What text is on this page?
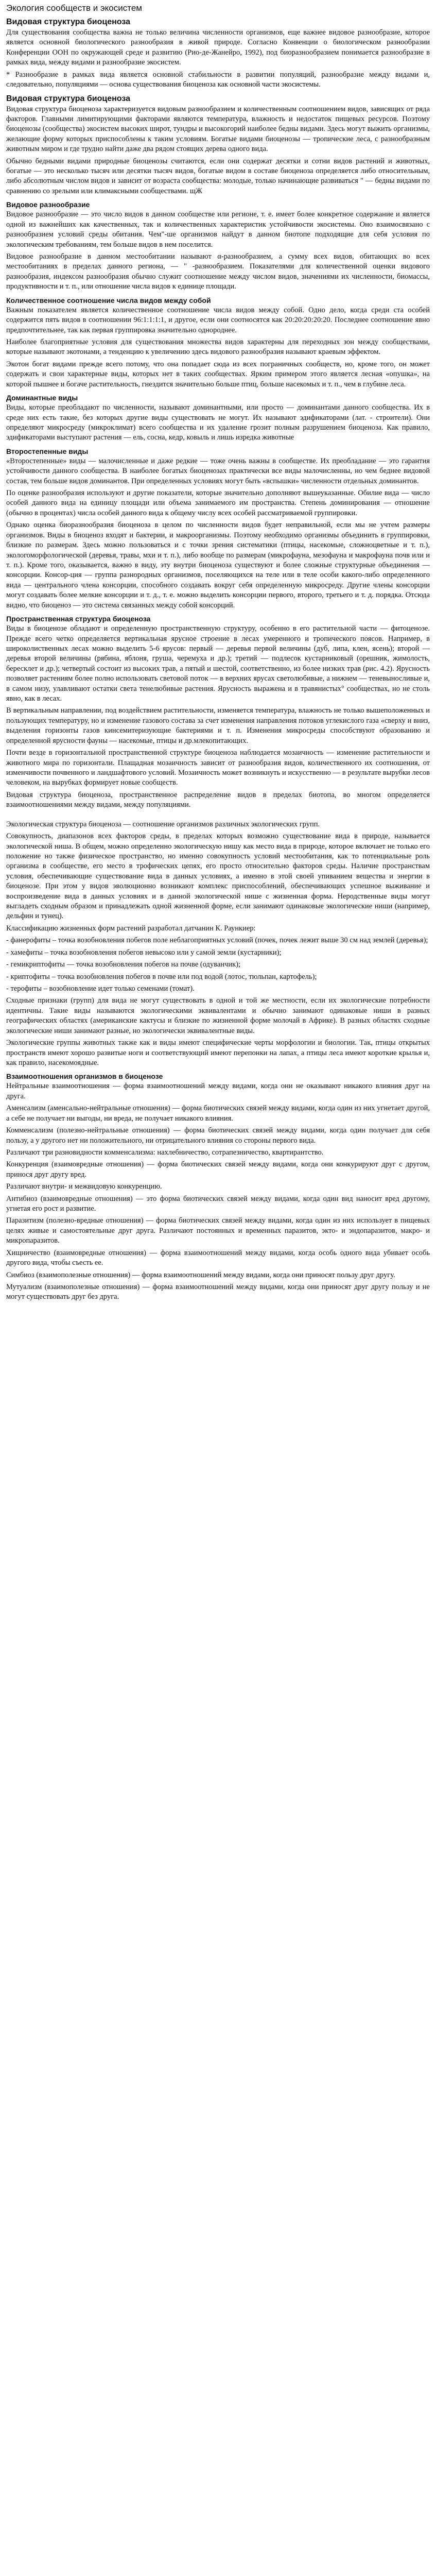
Экология сообществ и экосистем
Видовая структура биоценоза

Для существования сообщества важна не только величина численности организмов, еще важнее видовое разнообразие, которое является основной биологического разнообразия в живой природе. Согласно Конвенции о биологическом разнообразии Конференции ООН по окружающей среде и развитию (Рио-де-Жанейро, 1992), под биоразнообразием понимается разнообразие в рамках вида, между видами и разнообразие экосистем.

* Разнообразие в рамках вида является основной стабильности в развитии популяций, разнообразие между видами и, следовательно, популяциями — основа существования биоценоза как основной части экосистемы.

Видовая структура биоценоза

Видовая структура биоценоза характеризуется видовым разнообразием и количественным соотношением видов, зависящих от ряда факторов. Главными лимитирующими факторами являются температура, влажность и недостаток пищевых ресурсов. Поэтому биоценозы (сообщества) экосистем высоких широт, тундры и высокогорий наиболее бедны видами. Здесь могут выжить организмы, желающие форму которых приспособлены к таким условиям. Богатые видами биоценозы — тропические леса, с разнообразным животным миром и где трудно найти даже два рядом стоящих дерева одного вида.

Обычно бедными видами природные биоценозы считаются, если они содержат десятки и сотни видов растений и животных, богатые — это несколько тысяч или десятки тысяч видов, богатые видом в составе биоценоза определяется либо относительным, либо абсолютным числом видов и зависит от возраста сообщества: молодые, только начинающие развиваться " — бедны видами по сравнению со зрелыми или климаксными сообществами. щЖ

Видовое разнообразие

Видовое разнообразие — это число видов в данном сообществе или регионе, т. е. имеет более конкретное содержание и является одной из важнейших как качественных, так и количественных характеристик устойчивости экосистемы. Оно взаимосвязано с разнообразием условий среды обитания. Чем"-ше организмов найдут в данном биотопе подходящие для себя условия по экологическим требованиям, тем больше видов в нем поселится.

Видовое разнообразие в данном местообитании называют α-разнообразием, а сумму всех видов, обитающих во всех местообитаниях в пределах данного региона, — " -разнообразием. Показателями для количественной оценки видового разнообразия, индексом разнообразия обычно служит соотношение между числом видов, значениями их численности, биомассы, продуктивности и т. п., или отношение числа видов к единице площади.

Количественное соотношение числа видов между собой

Важным показателем является количественное соотношение числа видов между собой. Одно дело, когда среди ста особей содержится пять видов в соотношении 96:1:1:1:1, и другое, если они соотносятся как 20:20:20:20:20. Последнее соотношение явно предпочтительнее, так как первая группировка значительно однороднее.

Наиболее благоприятные условия для существования множества видов характерны для переходных зон между сообществами, которые называют экотонами, а тенденцию к увеличению здесь видового разнообразия называют краевым эффектом.

Экотон богат видами прежде всего потому, что она попадает сюда из всех пограничных сообществ, но, кроме того, он может содержать и свои характерные виды, которых нет в таких сообществах. Ярким примером этого является лесная «опушка», на которой пышнее и богаче растительность, гнездится значительно больше птиц, больше насекомых и т. п., чем в глубине леса.

Доминантные виды

Виды, которые преобладают по численности, называют доминантными, или просто — доминантами данного сообщества. Их в среде них есть такие, без которых другие виды существовать не могут. Их называют эдификаторами (лат. - строители). Они определяют микросреду (микроклимат) всего сообщества и их удаление грозит полным разрушением биоценоза. Как правило, эдификаторами выступают растения — ель, сосна, кедр, ковыль и лишь изредка животные

Второстепенные виды

«Второстепенные» виды — малочисленные и даже редкие — тоже очень важны в сообществе. Их преобладание — это гарантия устойчивости данного сообщества. В наиболее богатых биоценозах практически все виды малочисленны, но чем беднее видовой состав, тем больше видов доминантов. При определенных условиях могут быть «вспышки» численности отдельных доминантов.

По оценке разнообразия используют и другие показатели, которые значительно дополняют вышеуказанные. Обилие вида — число особей данного вида на единицу площади или объема занимаемого им пространства. Степень доминирования — отношение (обычно в процентах) числа особей данного вида к общему числу всех особей рассматриваемой группировки.

Однако оценка биоразнообразия биоценоза в целом по численности видов будет неправильной, если мы не учтем размеры организмов. Виды в биоценоз входят и бактерии, и макроорганизмы. Поэтому необходимо организмы объединить в группировки, близкие по размерам. Здесь можно пользоваться и с точки зрения систематики (птицы, насекомые, сложноцветные и т. п.), экологоморфологической (деревья, травы, мхи и т. п.), либо вообще по размерам (микрофауна, мезофауна и макрофауна почв или и т. п.). Кроме того, оказывается, важно в виду, эту внутри биоценоза существуют и более сложные структурные объединения — консорции. Консор-ция — группа разнородных организмов, поселяющихся на теле или в теле особи какого-либо определенного вида — центрального члена консорции, способного создавать вокруг себя определенную микросреду. Другие члены консорции могут создавать более мелкие консорции и т. д., т. е. можно выделить консорции первого, второго, третьего и т. д. порядка. Отсюда видно, что биоценоз — это система связанных между собой консорций.

Пространственная структура биоценоза

Виды в биоценозе обладают и определенную пространственную структуру, особенно в его растительной части — фитоценозе. Прежде всего четко определяется вертикальная ярусное строение в лесах умеренного и тропического поясов. Например, в широколиственных лесах можно выделить 5-6 ярусов: первый — деревья первой величины (дуб, липа, клен, ясень); второй — деревья второй величины (рябина, яблоня, груша, черемуха и др.); третий — подлесок кустарниковый (орешник, жимолость, бересклет и др.); четвертый состоит из высоких трав, а пятый и шестой, соответственно, из более низких трав (рис. 4.2). Ярусность позволяет растениям более полно использовать световой поток — в верхних ярусах светолюбивые, а нижнем — теневыносливые и, в самом низу, улавливают остатки света тенелюбивые растения. Ярусность выражена и в травянистых° сообществах, но не столь явно, как в лесах.

В вертикальным направлении, под воздействием растительности, изменяется температура, влажность не только вышеположенных и пользующих температуру, но и изменение газового состава за счет изменения направления потоков углекислого газа «сверху и вниз, выделения горизонты газов кинсемитеризующие бактериями и т. п. Изменения микросреды способствуют образованию и определенной ярусности фауны — насекомые, птицы и др.млекопитающих.

Почти везде в горизонтальной пространственной структуре биоценоза наблюдается мозаичность — изменение растительности и животного мира по горизонтали. Плащадная мозаичность зависит от разнообразия видов, количественного их соотношения, от изменчивости почвенного и ландшафтового условий. Мозаичность может возникнуть и искусственно — в результате вырубки лесов человеком, на вырубках формирует новые сообществ.

Видовая структура биоценоза, пространственное распределение видов в пределах биотопа, во многом определяется взаимоотношениями между видами, между популяциями.

Экологическая структура биоценоза — соотношение организмов различных экологических групп.

Совокупность, диапазонов всех факторов среды, в пределах которых возможно существование вида в природе, называется экологической ниша. В общем, можно определенно экологическую нишу как место вида в природе, которое включает не только его положение но также физическое пространство, но именно совокупность условий местообитания, как то потенциальные роль организма в сообществе, его место в трофических цепях, его просто относительно факторов среды. Наличие пространствам условия, обеспечивающие существование вида в данных условиях, а именно в этой своей упиванием вещества и энергии в биоценозе. При этом у видов эволюционно возникают комплекс приспособлений, обеспечивающих успешное выживание и воспроизведение вида в данных условиях и в данной экологической нише с жизненная форма. Неродственные виды могут выгладеть сходным образом и принадлежать одной жизненной форме, если занимают одинаковые экологические ниши (например, дельфин и тунец).

Классификацию жизненных форм растений разработал датчанин К. Раункиер:

- фанерофиты – точка возобновления побегов поле неблагоприятных условий (почек, почек лежит выше 30 см над землей (деревья);

- хамефиты – точка возобновления побегов невысоко или у самой земли (кустарники);

- гемикриптофиты — точка возобновления побегов на почве (одуванчик);

- криптофиты – точка возобновления побегов в почве или под водой (лотос, тюльпан, картофель);

- терофиты – возобновление идет только семенами (томат).

Сходные признаки (групп) для вида не могут существовать в одной и той же местности, если их экологические потребности идентичны. Такие виды называются экологическими эквивалентами и обычно занимают одинаковые ниши в разных географических областях (американские кактусы и близкие по жизненной форме молочай в Африке). В разных областях сходные экологические ниши занимают разные, но экологически эквивалентные виды.

Экологические группы животных также как и виды имеют специфические черты морфологии и биологии. Так, птицы открытых пространств имеют хорошо развитые ноги и соответствующий имеют перепонки на лапах, а птицы леса имеют короткие крылья и, как правило, насекомоядные.

Взаимоотношения организмов в биоценозе

Нейтральные взаимоотношения — форма взаимоотношений между видами, когда они не оказывают никакого влияния друг на друга.

Аменсализм (аменсально-нейтральные отношения) — форма биотических связей между видами, когда один из них угнетает другой, а себе не получает ни выгоды, ни вреда, не получает никакого влияния.

Комменсализм (полезно-нейтральные отношения) — форма биотических связей между видами, когда один получает для себя пользу, а у другого нет ни положительного, ни отрицательного влияния со стороны первого вида.

Различают три разновидности комменсализма: нахлебничество, сотрапезничество, квартирантство.

Конкуренция (взаимовредные отношения) — форма биотических связей между видами, когда они конкурируют друг с другом, принося друг другу вред.

Различают внутри- и межвидовую конкуренцию.

Антибиоз (взаимовредные отношения) — это форма биотических связей между видами, когда один вид наносит вред другому, угнетая его рост и развитие.

Паразитизм (полезно-вредные отношения) — форма биотических связей между видами, когда один из них использует в пищевых целях живые и самостоятельные друг друга. Различают постоянных и временных паразитов, экто- и эндопаразитов, макро- и микропаразитов.

Хищничество (взаимовредные отношения) — форма взаимоотношений между видами, когда особь одного вида убивает особь другого вида, чтобы съесть ее.

Симбиоз (взаимополезные отношения) — форма взаимоотношений между видами, когда они приносят пользу друг другу.

Мутуализм (взаимополезные отношения) — форма взаимоотношений между видами, когда они приносят друг другу пользу и не могут существовать друг без друга.
